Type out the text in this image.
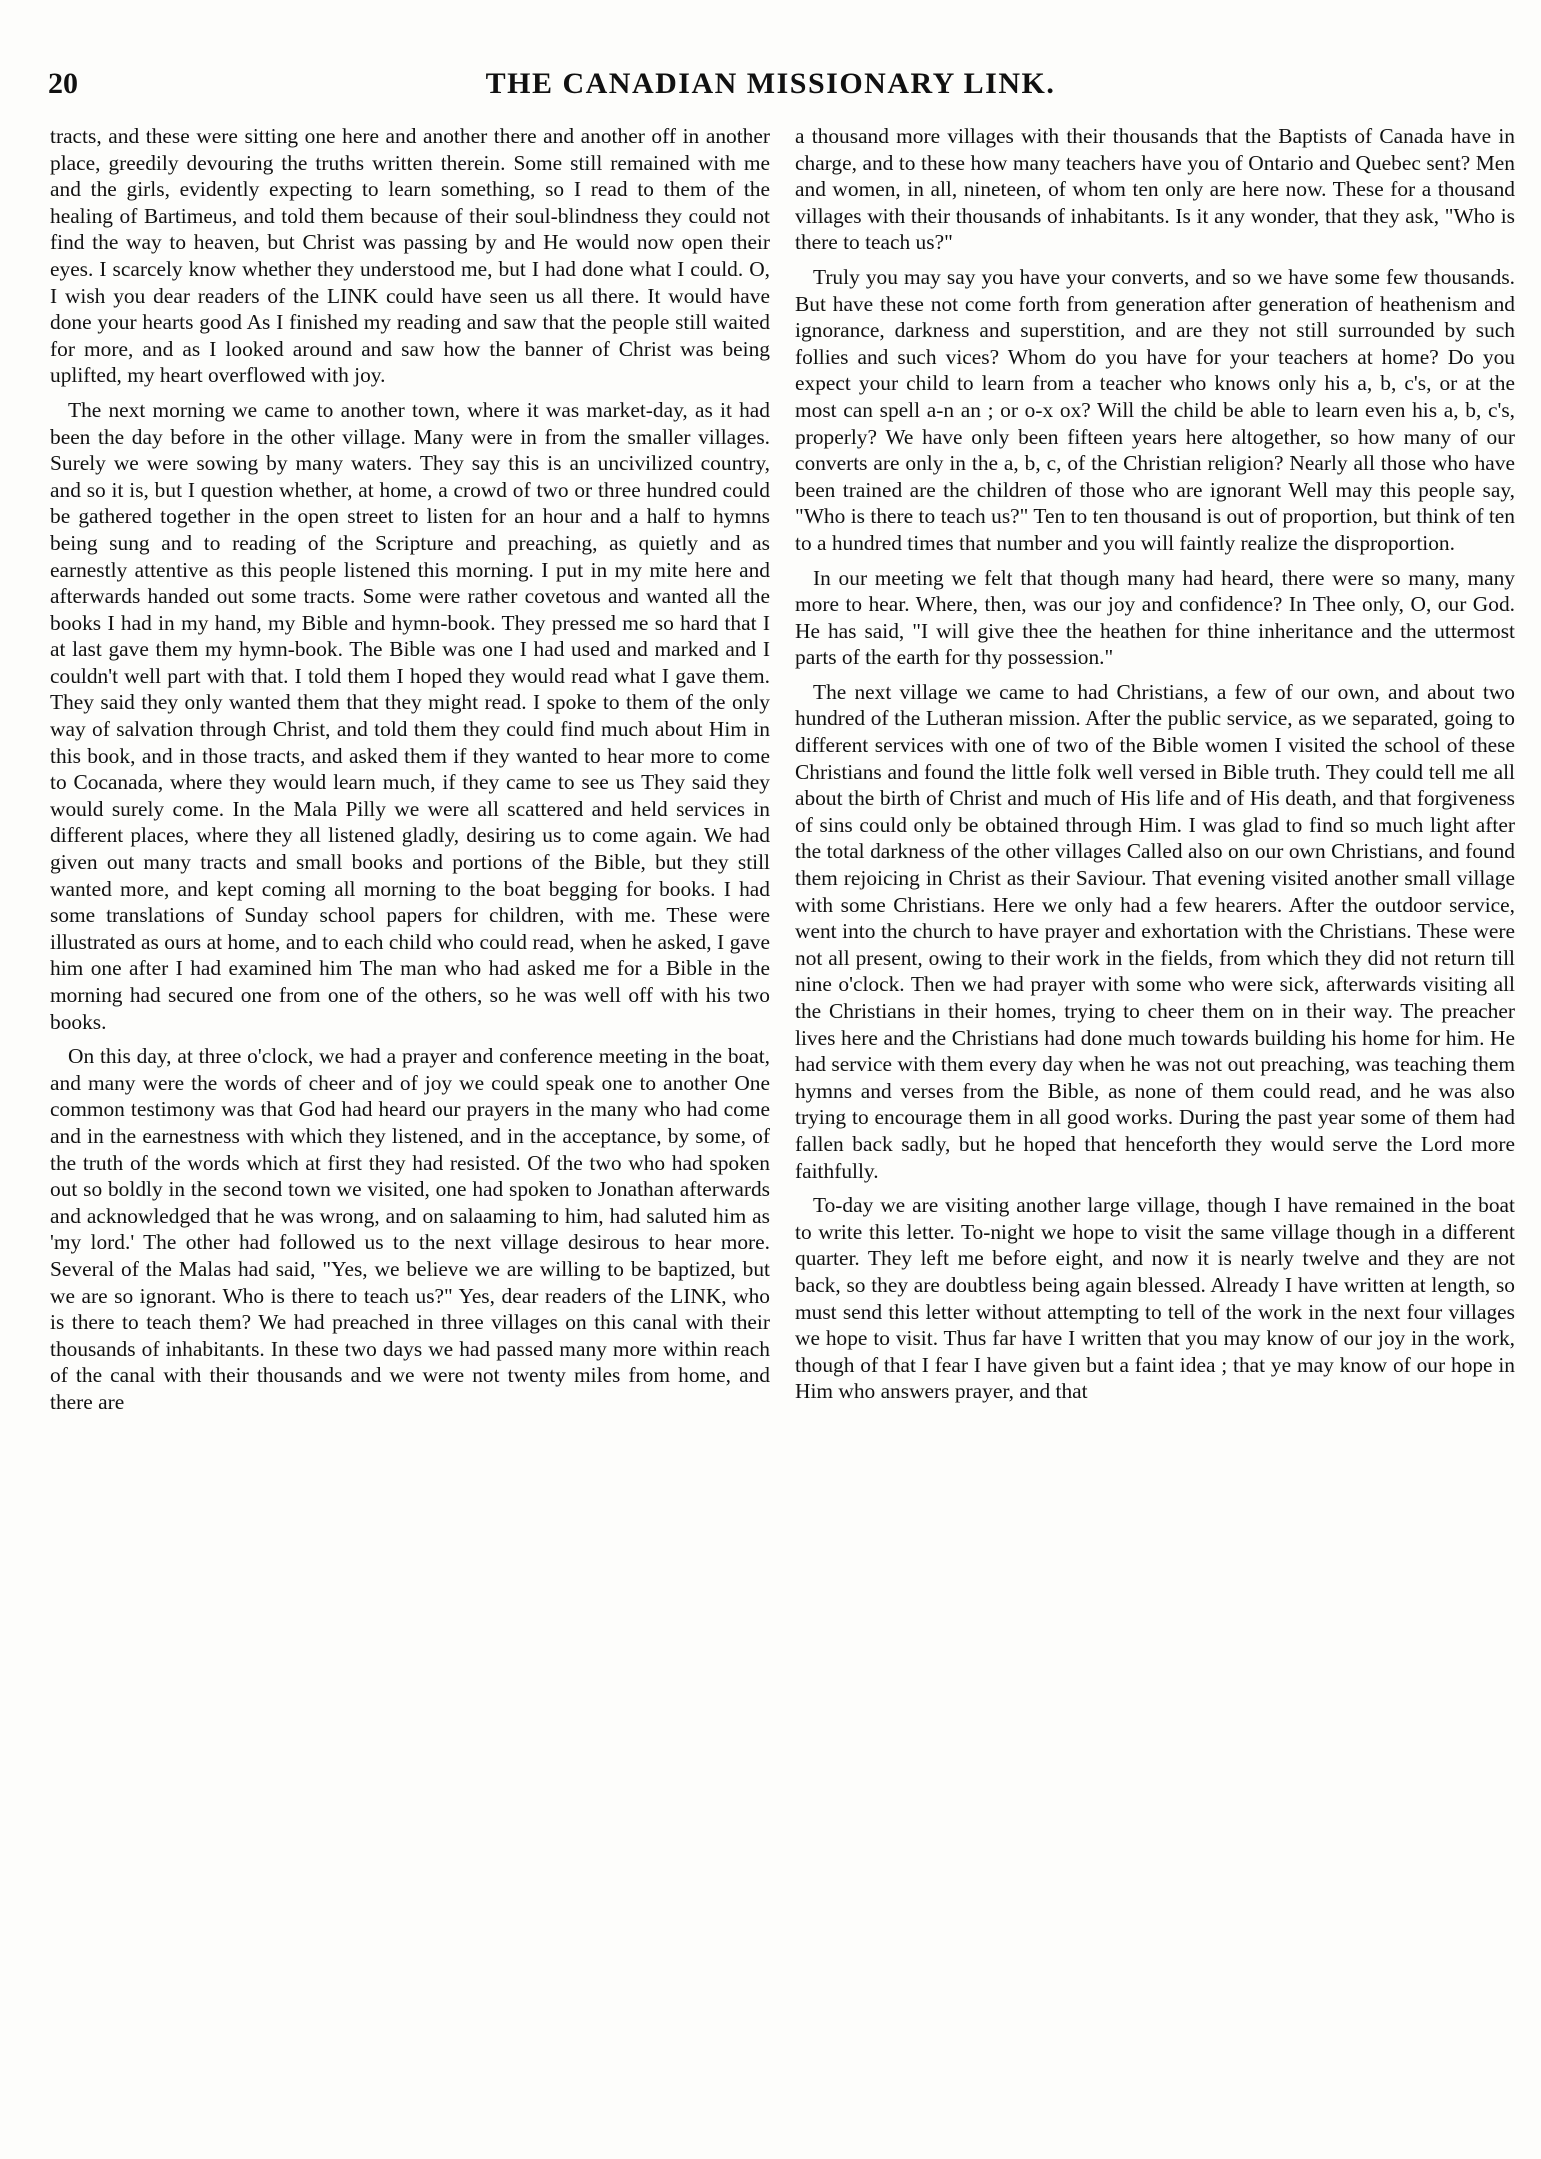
20	THE CANADIAN MISSIONARY LINK.

tracts, and these were sitting one here and another there and another off in another place, greedily devouring the truths written therein. Some still remained with me and the girls, evidently expecting to learn something, so I read to them of the healing of Bartimeus, and told them because of their soul-blindness they could not find the way to heaven, but Christ was passing by and He would now open their eyes. I scarcely know whether they understood me, but I had done what I could. O, I wish you dear readers of the LINK could have seen us all there. It would have done your hearts good As I finished my reading and saw that the people still waited for more, and as I looked around and saw how the banner of Christ was being uplifted, my heart overflowed with joy.

The next morning we came to another town, where it was market-day, as it had been the day before in the other village. Many were in from the smaller villages. Surely we were sowing by many waters. They say this is an uncivilized country, and so it is, but I question whether, at home, a crowd of two or three hundred could be gathered together in the open street to listen for an hour and a half to hymns being sung and to reading of the Scripture and preaching, as quietly and as earnestly attentive as this people listened this morning. I put in my mite here and afterwards handed out some tracts. Some were rather covetous and wanted all the books I had in my hand, my Bible and hymn-book. They pressed me so hard that I at last gave them my hymn-book. The Bible was one I had used and marked and I couldn't well part with that. I told them I hoped they would read what I gave them. They said they only wanted them that they might read. I spoke to them of the only way of salvation through Christ, and told them they could find much about Him in this book, and in those tracts, and asked them if they wanted to hear more to come to Cocanada, where they would learn much, if they came to see us They said they would surely come. In the Mala Pilly we were all scattered and held services in different places, where they all listened gladly, desiring us to come again. We had given out many tracts and small books and portions of the Bible, but they still wanted more, and kept coming all morning to the boat begging for books. I had some translations of Sunday school papers for children, with me. These were illustrated as ours at home, and to each child who could read, when he asked, I gave him one after I had examined him The man who had asked me for a Bible in the morning had secured one from one of the others, so he was well off with his two books.

On this day, at three o'clock, we had a prayer and conference meeting in the boat, and many were the words of cheer and of joy we could speak one to another One common testimony was that God had heard our prayers in the many who had come and in the earnestness with which they listened, and in the acceptance, by some, of the truth of the words which at first they had resisted. Of the two who had spoken out so boldly in the second town we visited, one had spoken to Jonathan afterwards and acknowledged that he was wrong, and on salaaming to him, had saluted him as 'my lord.' The other had followed us to the next village desirous to hear more. Several of the Malas had said, "Yes, we believe we are willing to be baptized, but we are so ignorant. Who is there to teach us?" Yes, dear readers of the LINK, who is there to teach them? We had preached in three villages on this canal with their thousands of inhabitants. In these two days we had passed many more within reach of the canal with their thousands and we were not twenty miles from home, and there are

a thousand more villages with their thousands that the Baptists of Canada have in charge, and to these how many teachers have you of Ontario and Quebec sent? Men and women, in all, nineteen, of whom ten only are here now. These for a thousand villages with their thousands of inhabitants. Is it any wonder, that they ask, "Who is there to teach us?"

Truly you may say you have your converts, and so we have some few thousands. But have these not come forth from generation after generation of heathenism and ignorance, darkness and superstition, and are they not still surrounded by such follies and such vices? Whom do you have for your teachers at home? Do you expect your child to learn from a teacher who knows only his a, b, c's, or at the most can spell a-n an ; or o-x ox? Will the child be able to learn even his a, b, c's, properly? We have only been fifteen years here altogether, so how many of our converts are only in the a, b, c, of the Christian religion? Nearly all those who have been trained are the children of those who are ignorant Well may this people say, "Who is there to teach us?" Ten to ten thousand is out of proportion, but think of ten to a hundred times that number and you will faintly realize the disproportion.

In our meeting we felt that though many had heard, there were so many, many more to hear. Where, then, was our joy and confidence? In Thee only, O, our God. He has said, "I will give thee the heathen for thine inheritance and the uttermost parts of the earth for thy possession."

The next village we came to had Christians, a few of our own, and about two hundred of the Lutheran mission. After the public service, as we separated, going to different services with one of two of the Bible women I visited the school of these Christians and found the little folk well versed in Bible truth. They could tell me all about the birth of Christ and much of His life and of His death, and that forgiveness of sins could only be obtained through Him. I was glad to find so much light after the total darkness of the other villages Called also on our own Christians, and found them rejoicing in Christ as their Saviour. That evening visited another small village with some Christians. Here we only had a few hearers. After the outdoor service, went into the church to have prayer and exhortation with the Christians. These were not all present, owing to their work in the fields, from which they did not return till nine o'clock. Then we had prayer with some who were sick, afterwards visiting all the Christians in their homes, trying to cheer them on in their way. The preacher lives here and the Christians had done much towards building his home for him. He had service with them every day when he was not out preaching, was teaching them hymns and verses from the Bible, as none of them could read, and he was also trying to encourage them in all good works. During the past year some of them had fallen back sadly, but he hoped that henceforth they would serve the Lord more faithfully.

To-day we are visiting another large village, though I have remained in the boat to write this letter. To-night we hope to visit the same village though in a different quarter. They left me before eight, and now it is nearly twelve and they are not back, so they are doubtless being again blessed. Already I have written at length, so must send this letter without attempting to tell of the work in the next four villages we hope to visit. Thus far have I written that you may know of our joy in the work, though of that I fear I have given but a faint idea ; that ye may know of our hope in Him who answers prayer, and that
